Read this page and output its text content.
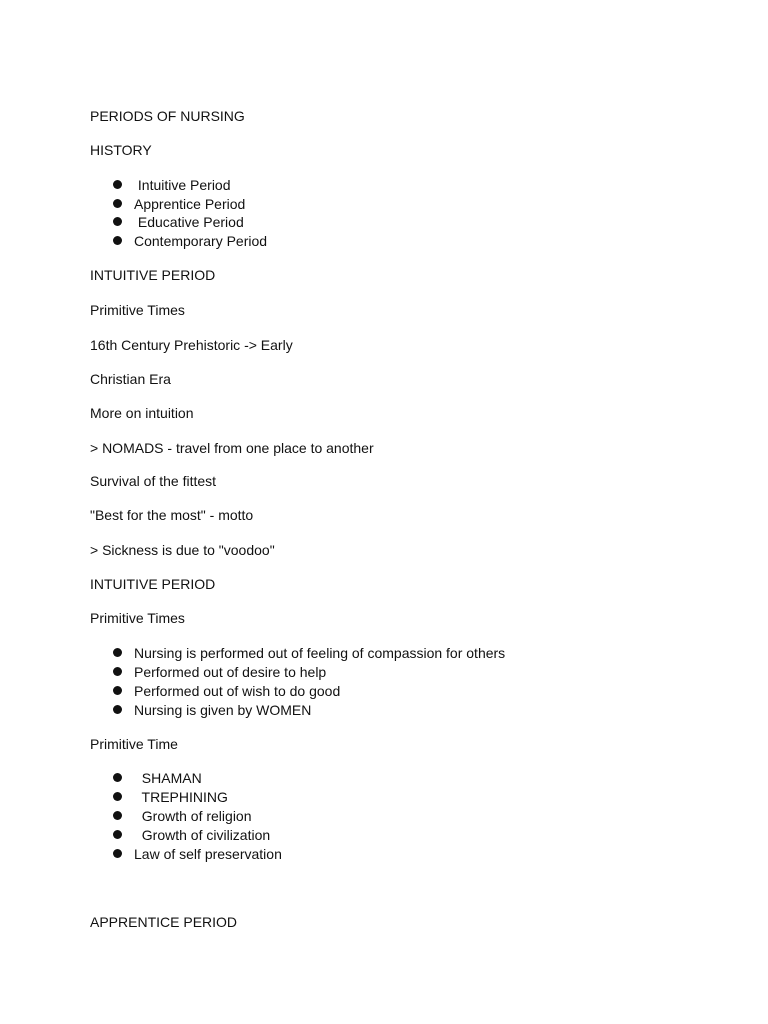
PERIODS OF NURSING
HISTORY
Intuitive Period
Apprentice Period
Educative Period
Contemporary Period
INTUITIVE PERIOD
Primitive Times
16th Century Prehistoric -> Early
Christian Era
More on intuition
> NOMADS - travel from one place to another
Survival of the fittest
"Best for the most" - motto
> Sickness is due to "voodoo"
INTUITIVE PERIOD
Primitive Times
Nursing is performed out of feeling of compassion for others
Performed out of desire to help
Performed out of wish to do good
Nursing is given by WOMEN
Primitive Time
SHAMAN
TREPHINING
Growth of religion
Growth of civilization
Law of self preservation
APPRENTICE PERIOD
